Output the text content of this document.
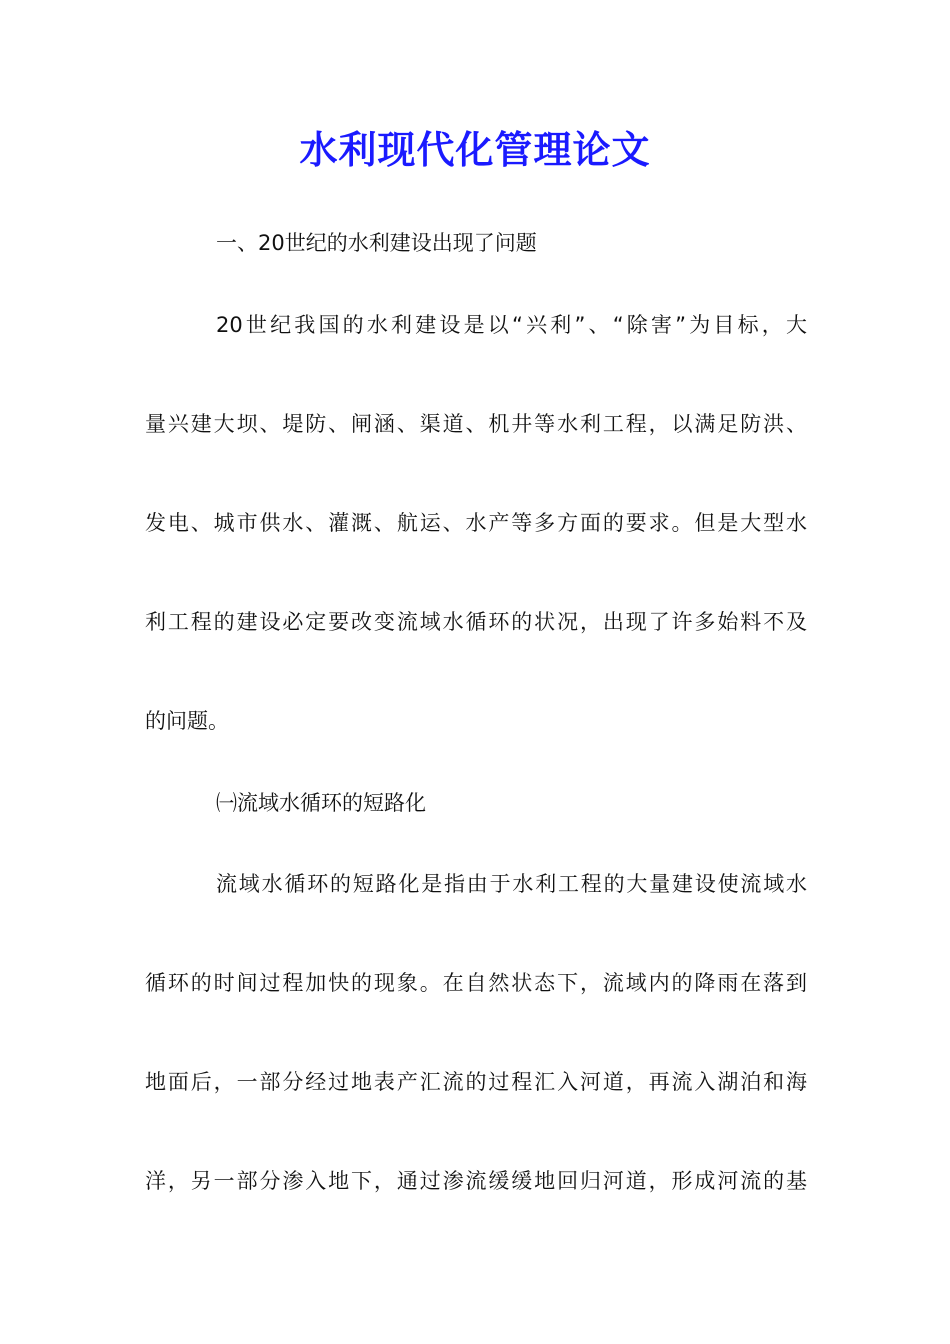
水利现代化管理论文
一、20世纪的水利建设出现了问题
20世纪我国的水利建设是以“兴利”、“除害”为目标，大
量兴建大坝、堤防、闸涵、渠道、机井等水利工程，以满足防洪、
发电、城市供水、灌溉、航运、水产等多方面的要求。但是大型水
利工程的建设必定要改变流域水循环的状况，出现了许多始料不及
的问题。
㈠流域水循环的短路化
流域水循环的短路化是指由于水利工程的大量建设使流域水
循环的时间过程加快的现象。在自然状态下，流域内的降雨在落到
地面后，一部分经过地表产汇流的过程汇入河道，再流入湖泊和海
洋，另一部分渗入地下，通过渗流缓缓地回归河道，形成河流的基
